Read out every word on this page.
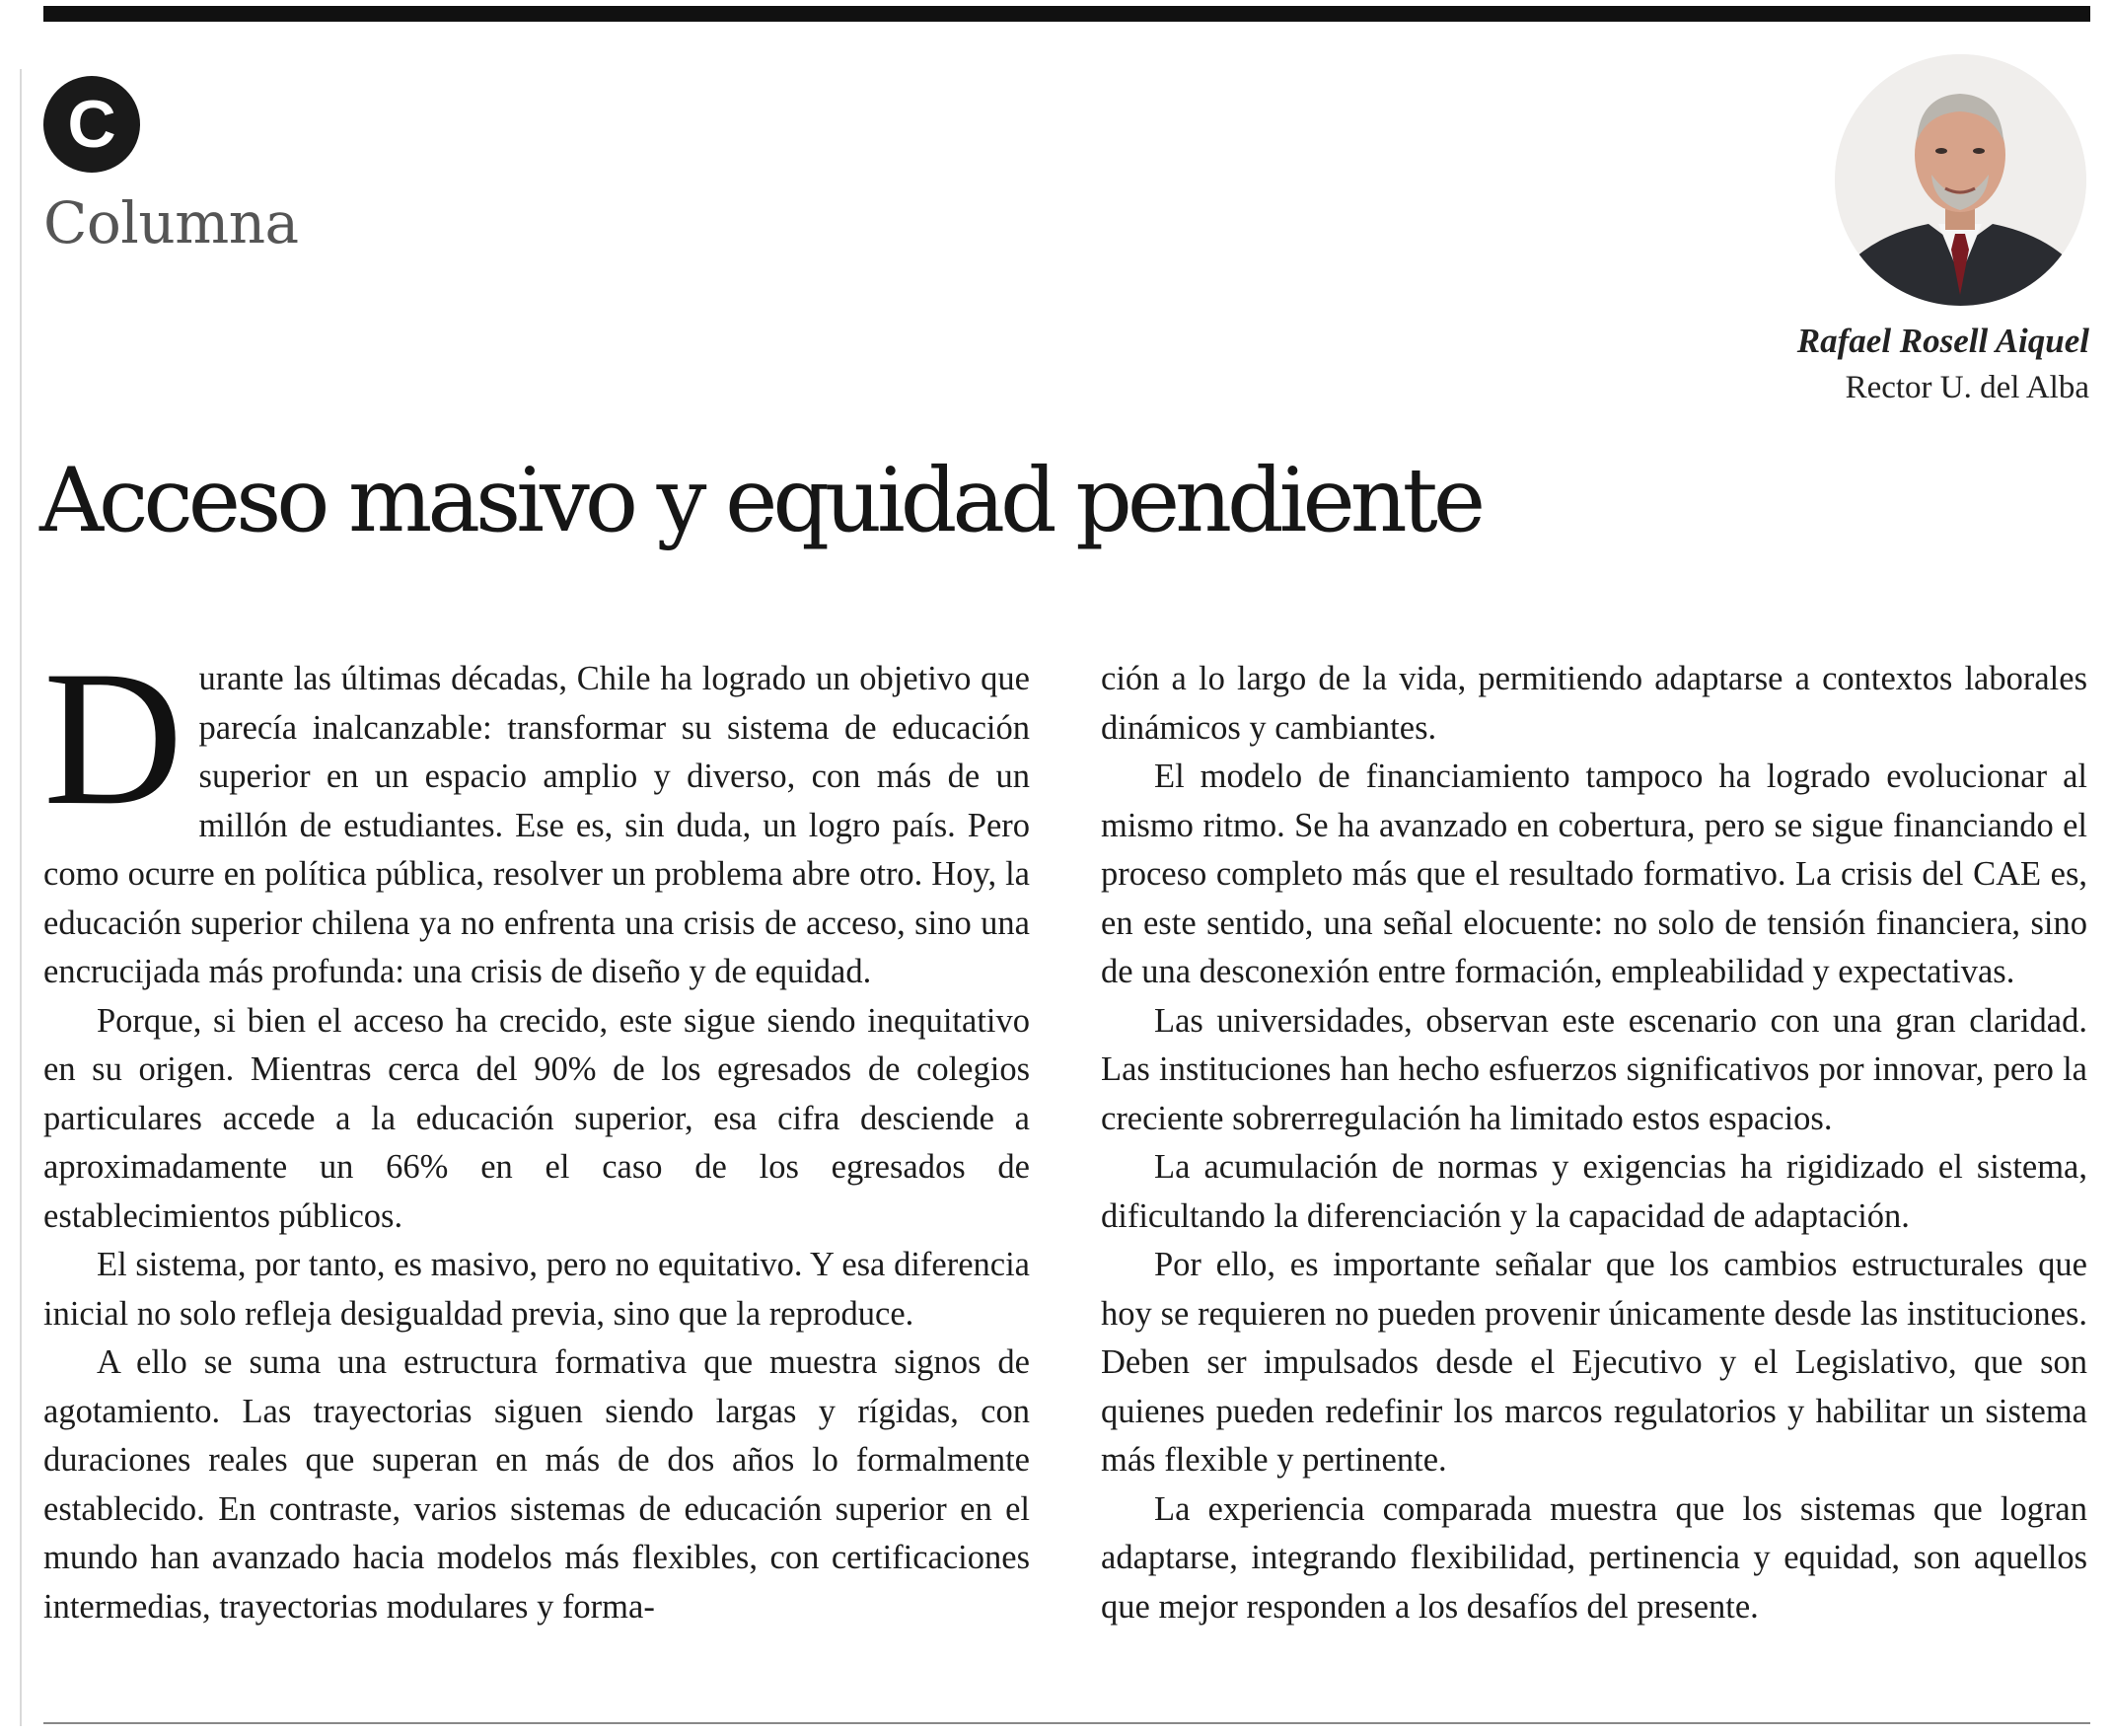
C
Columna
Rafael Rosell Aiquel
Rector U. del Alba
Acceso masivo y equidad pendiente

Durante las últimas décadas, Chile ha logrado un objetivo que parecía inalcanzable: transformar su sistema de educación superior en un espacio amplio y diverso, con más de un millón de estudiantes. Ese es, sin duda, un logro país. Pero como ocurre en política pública, resolver un problema abre otro. Hoy, la educación superior chilena ya no enfrenta una crisis de acceso, sino una encrucijada más profunda: una crisis de diseño y de equidad.

Porque, si bien el acceso ha crecido, este sigue siendo inequitativo en su origen. Mientras cerca del 90% de los egresados de colegios particulares accede a la educación superior, esa cifra desciende a aproximadamente un 66% en el caso de los egresados de establecimientos públicos.

El sistema, por tanto, es masivo, pero no equitativo. Y esa diferencia inicial no solo refleja desigualdad previa, sino que la reproduce.

A ello se suma una estructura formativa que muestra signos de agotamiento. Las trayectorias siguen siendo largas y rígidas, con duraciones reales que superan en más de dos años lo formalmente establecido. En contraste, varios sistemas de educación superior en el mundo han avanzado hacia modelos más flexibles, con certificaciones intermedias, trayectorias modulares y forma-

ción a lo largo de la vida, permitiendo adaptarse a contextos laborales dinámicos y cambiantes.

El modelo de financiamiento tampoco ha logrado evolucionar al mismo ritmo. Se ha avanzado en cobertura, pero se sigue financiando el proceso completo más que el resultado formativo. La crisis del CAE es, en este sentido, una señal elocuente: no solo de tensión financiera, sino de una desconexión entre formación, empleabilidad y expectativas.

Las universidades, observan este escenario con una gran claridad. Las instituciones han hecho esfuerzos significativos por innovar, pero la creciente sobrerregulación ha limitado estos espacios.

La acumulación de normas y exigencias ha rigidizado el sistema, dificultando la diferenciación y la capacidad de adaptación.

Por ello, es importante señalar que los cambios estructurales que hoy se requieren no pueden provenir únicamente desde las instituciones. Deben ser impulsados desde el Ejecutivo y el Legislativo, que son quienes pueden redefinir los marcos regulatorios y habilitar un sistema más flexible y pertinente.

La experiencia comparada muestra que los sistemas que logran adaptarse, integrando flexibilidad, pertinencia y equidad, son aquellos que mejor responden a los desafíos del presente.
